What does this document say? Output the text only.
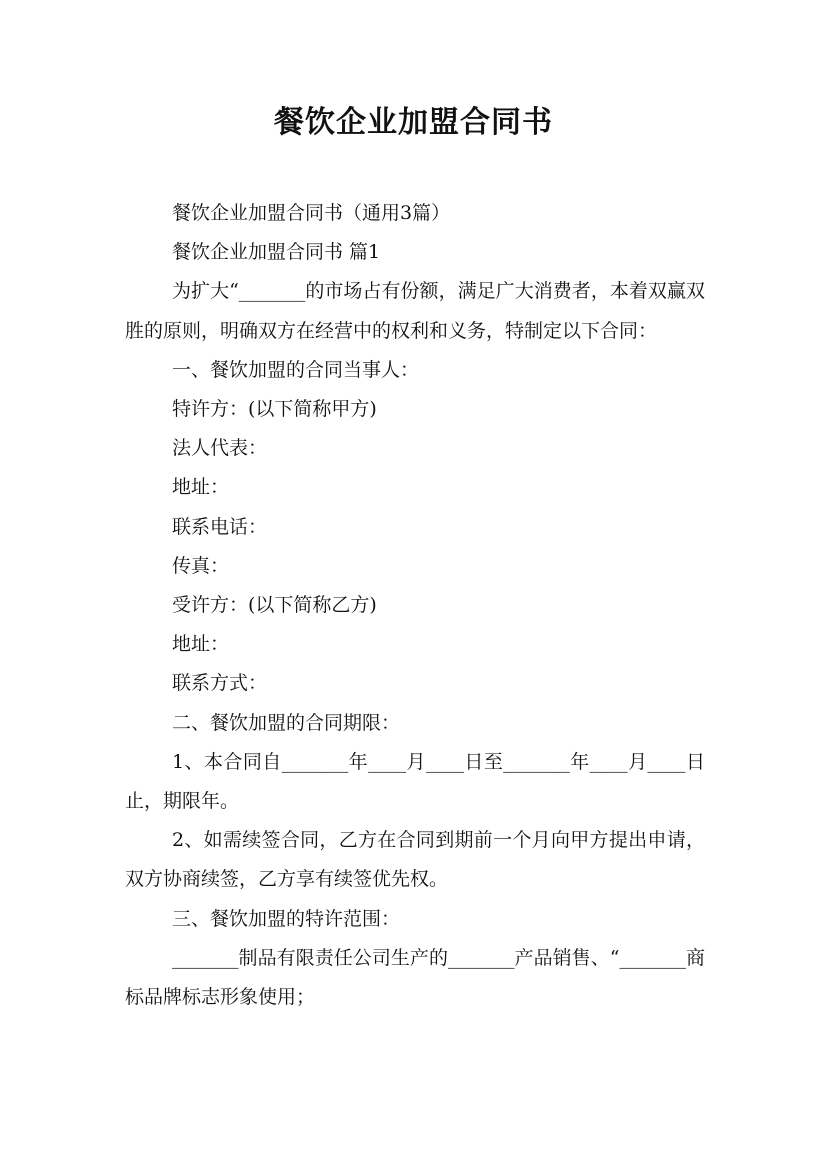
餐饮企业加盟合同书

餐饮企业加盟合同书（通用3篇）

餐饮企业加盟合同书 篇1

为扩大“_______的市场占有份额，满足广大消费者，本着双赢双胜的原则，明确双方在经营中的权利和义务，特制定以下合同：

一、餐饮加盟的合同当事人：

特许方：(以下简称甲方)

法人代表：

地址：

联系电话：

传真：

受许方：(以下简称乙方)

地址：

联系方式：

二、餐饮加盟的合同期限：

1、本合同自_______年____月____日至_______年____月____日止，期限年。

2、如需续签合同，乙方在合同到期前一个月向甲方提出申请，双方协商续签，乙方享有续签优先权。

三、餐饮加盟的特许范围：

_______制品有限责任公司生产的_______产品销售、“_______商标品牌标志形象使用；
